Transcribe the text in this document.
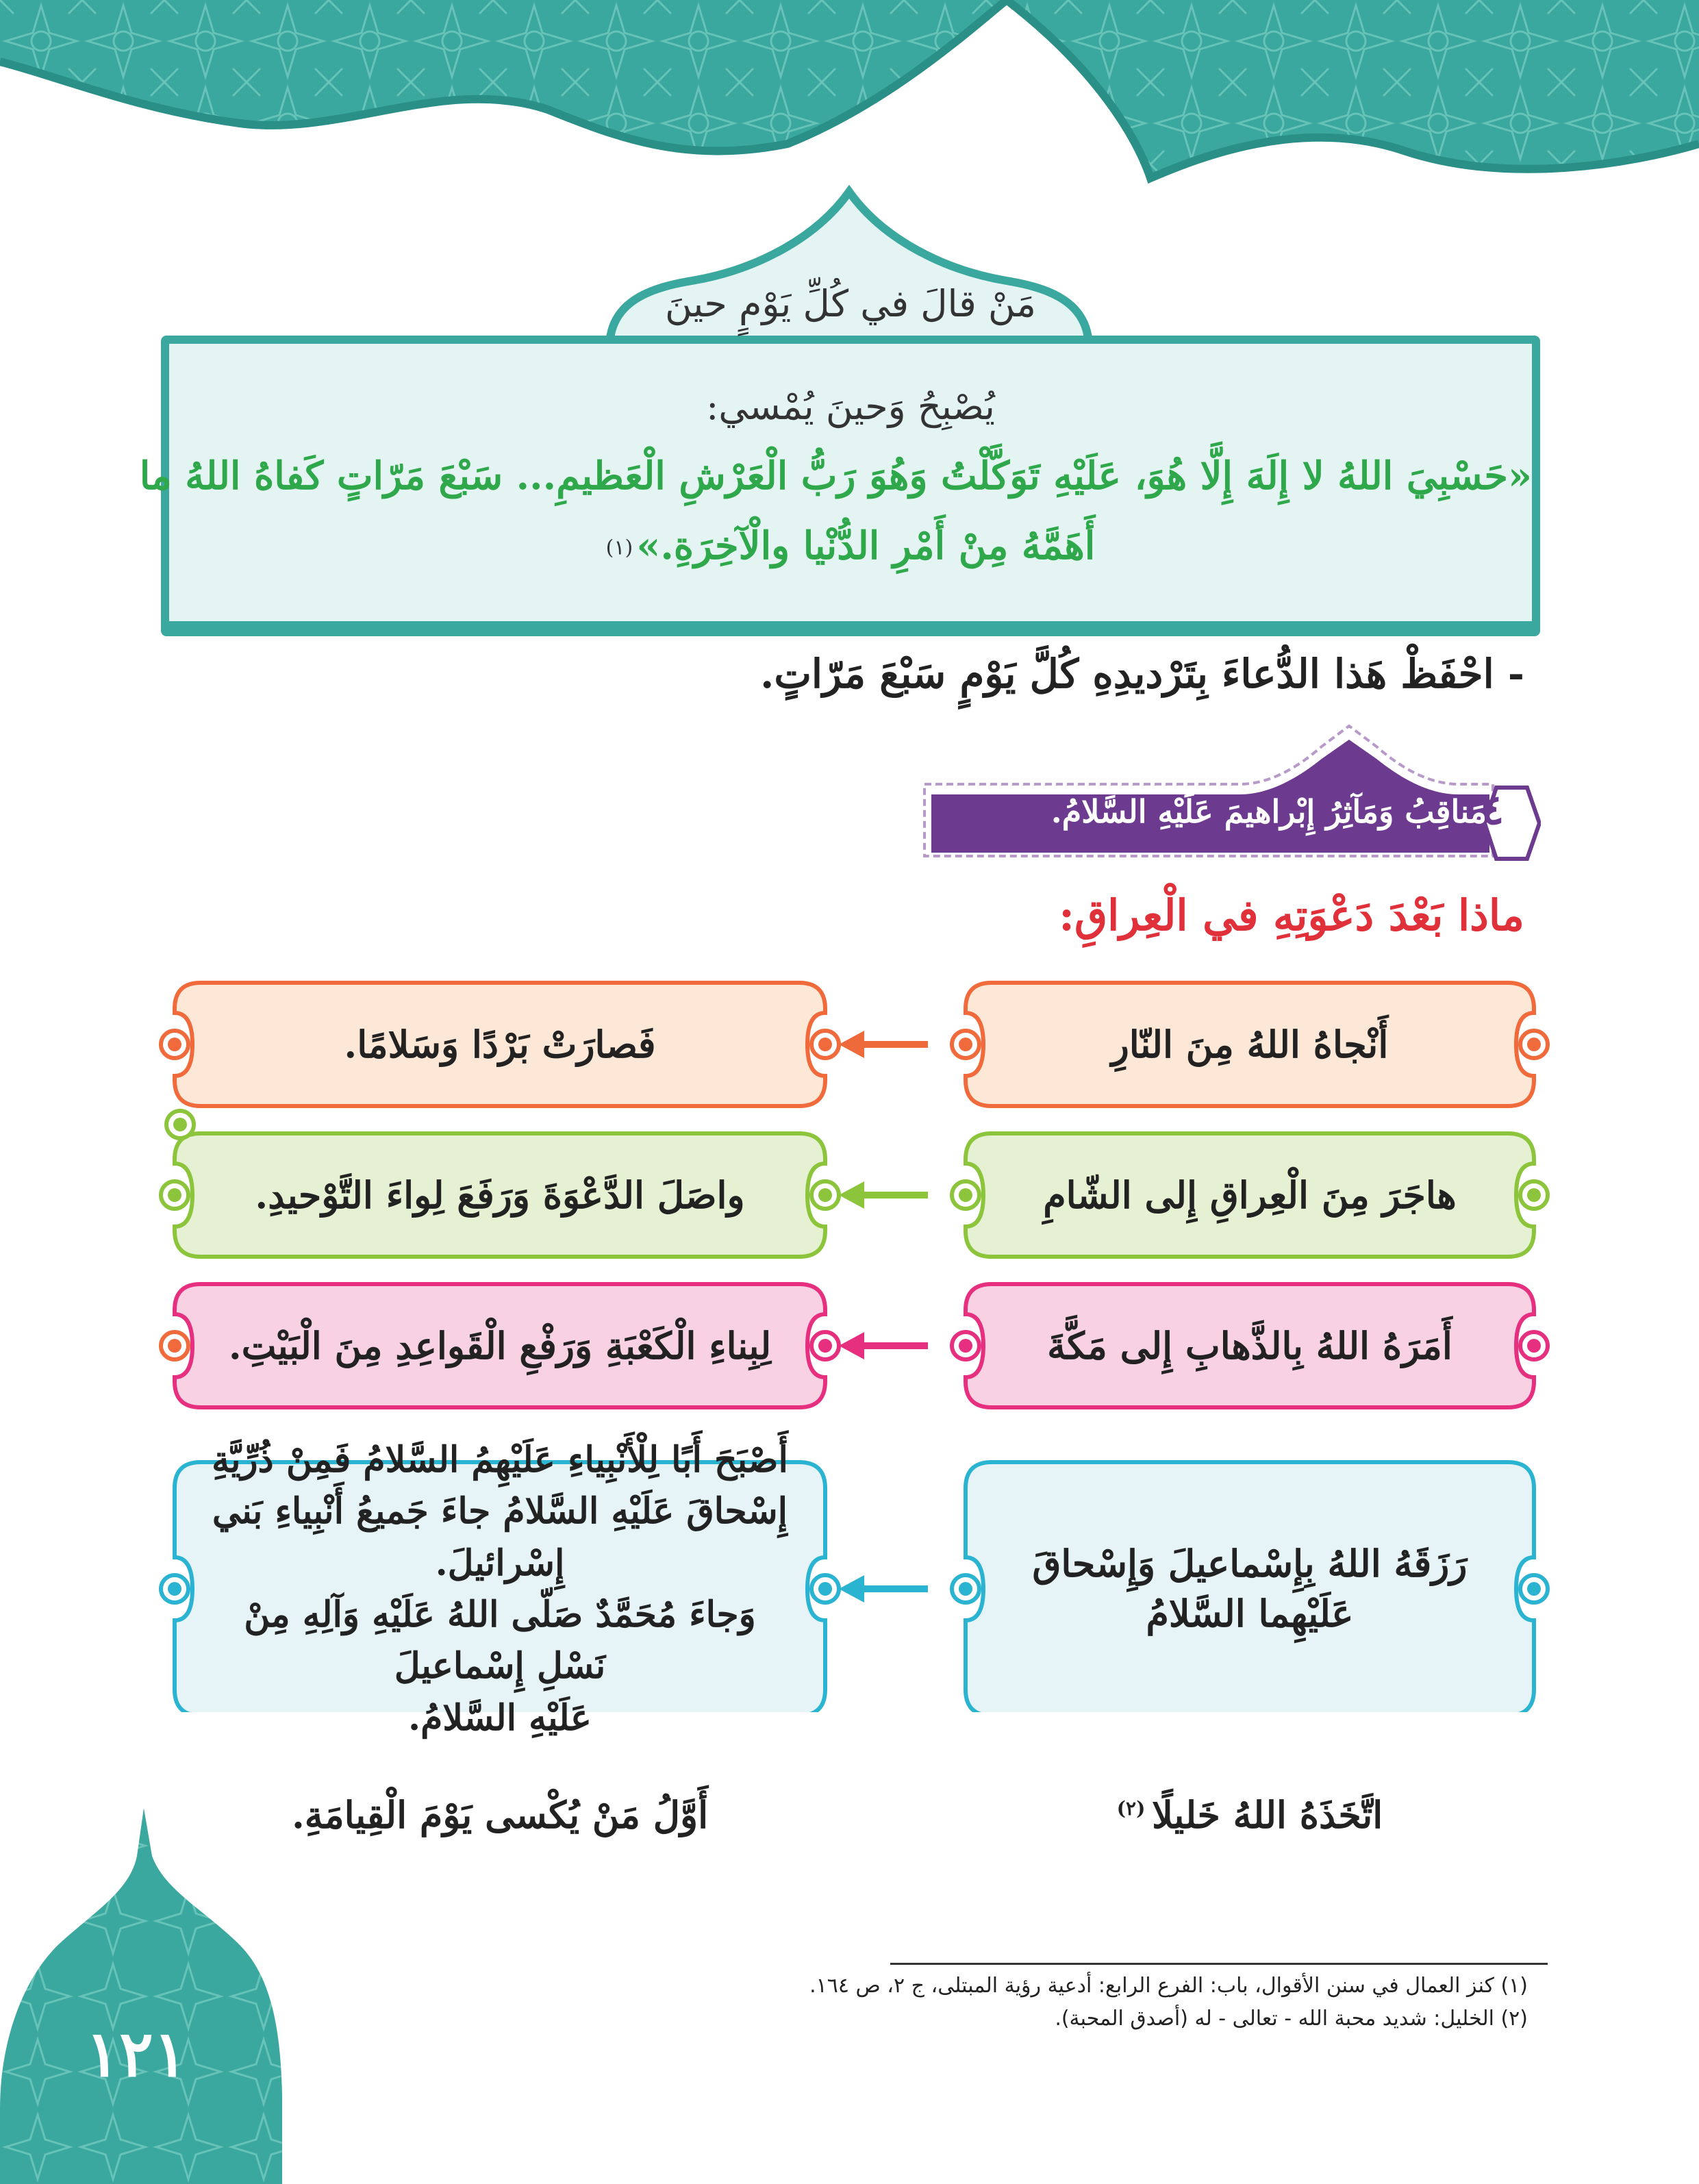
مَنْ قالَ في كُلِّ يَوْمٍ حينَ
يُصْبِحُ وَحينَ يُمْسي:
«حَسْبِيَ اللهُ لا إِلَهَ إِلَّا هُوَ، عَلَيْهِ تَوَكَّلْتُ وَهُوَ رَبُّ الْعَرْشِ الْعَظيمِ... سَبْعَ مَرّاتٍ كَفاهُ اللهُ ما
أَهَمَّهُ مِنْ أَمْرِ الدُّنْيا والْآخِرَةِ.» (١)
- احْفَظْ هَذا الدُّعاءَ بِتَرْديدِهِ كُلَّ يَوْمٍ سَبْعَ مَرّاتٍ.
٤
مَناقِبُ وَمَآثِرُ إِبْراهيمَ عَلَيْهِ السَّلامُ.
ماذا بَعْدَ دَعْوَتِهِ في الْعِراقِ:
أَنْجاهُ اللهُ مِنَ النّارِ
فَصارَتْ بَرْدًا وَسَلامًا.
هاجَرَ مِنَ الْعِراقِ إِلى الشّامِ
واصَلَ الدَّعْوَةَ وَرَفَعَ لِواءَ التَّوْحيدِ.
أَمَرَهُ اللهُ بِالذَّهابِ إِلى مَكَّةَ
لِبِناءِ الْكَعْبَةِ وَرَفْعِ الْقَواعِدِ مِنَ الْبَيْتِ.
رَزَقَهُ اللهُ بِإِسْماعيلَ وَإِسْحاقَ عَلَيْهِما السَّلامُ
أَصْبَحَ أَبًا لِلْأَنْبِياءِ عَلَيْهِمُ السَّلامُ فَمِنْ ذُرِّيَّةِ
إِسْحاقَ عَلَيْهِ السَّلامُ جاءَ جَميعُ أَنْبِياءِ بَني
إِسْرائيلَ.
وَجاءَ مُحَمَّدٌ صَلّى اللهُ عَلَيْهِ وَآلِهِ مِنْ نَسْلِ إِسْماعيلَ
عَلَيْهِ السَّلامُ.
اتَّخَذَهُ اللهُ خَليلًا $^{(٢)}$
أَوَّلُ مَنْ يُكْسى يَوْمَ الْقِيامَةِ.
(١) كنز العمال في سنن الأقوال، باب: الفرع الرابع: أدعية رؤية المبتلى، ج ٢، ص ١٦٤.
(٢) الخليل: شديد محبة الله - تعالى - له (أصدق المحبة).
١٢١
